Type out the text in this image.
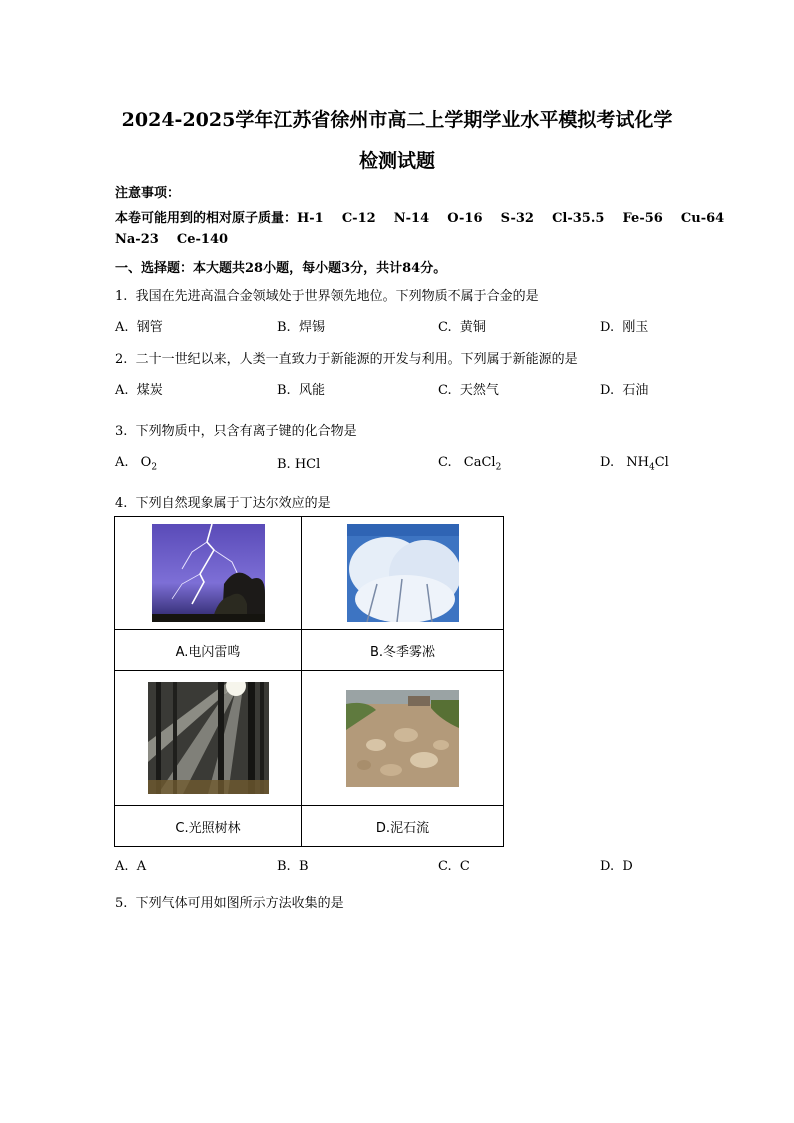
2024-2025学年江苏省徐州市高二上学期学业水平模拟考试化学
检测试题
注意事项：
本卷可能用到的相对原子质量：H-1    C-12    N-14    O-16    S-32    Cl-35.5    Fe-56    Cu-64
Na-23    Ce-140
一、选择题：本大题共28小题，每小题3分，共计84分。
1.  我国在先进高温合金领域处于世界领先地位。下列物质不属于合金的是
A.  钢管	B.  焊锡	C.  黄铜	D.  刚玉
2.  二十一世纪以来，人类一直致力于新能源的开发与利用。下列属于新能源的是
A.  煤炭	B.  风能	C.  天然气	D.  石油
3.  下列物质中，只含有离子键的化合物是
A. $O_2$	B. HCl	C. CaCl$_2$	D. $NH_4Cl$
4.  下列自然现象属于丁达尔效应的是

A.电闪雷鸣	B.冬季雾凇

C.光照树林	D.泥石流
A.  A	B.  B	C.  C	D.  D
5.  下列气体可用如图所示方法收集的是
